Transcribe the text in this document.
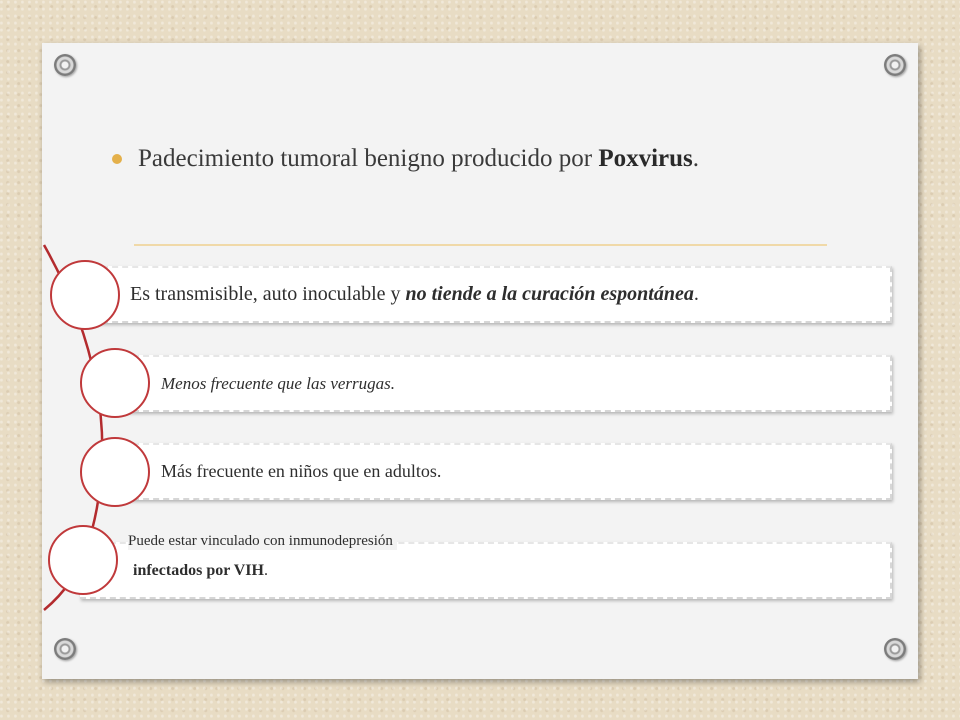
Padecimiento tumoral benigno producido por Poxvirus.
Es transmisible, auto inoculable y no tiende a la curación espontánea.
Menos frecuente que las verrugas.
Más frecuente en niños que en adultos.
infectados por VIH.
Puede estar vinculado con inmunodepresión
